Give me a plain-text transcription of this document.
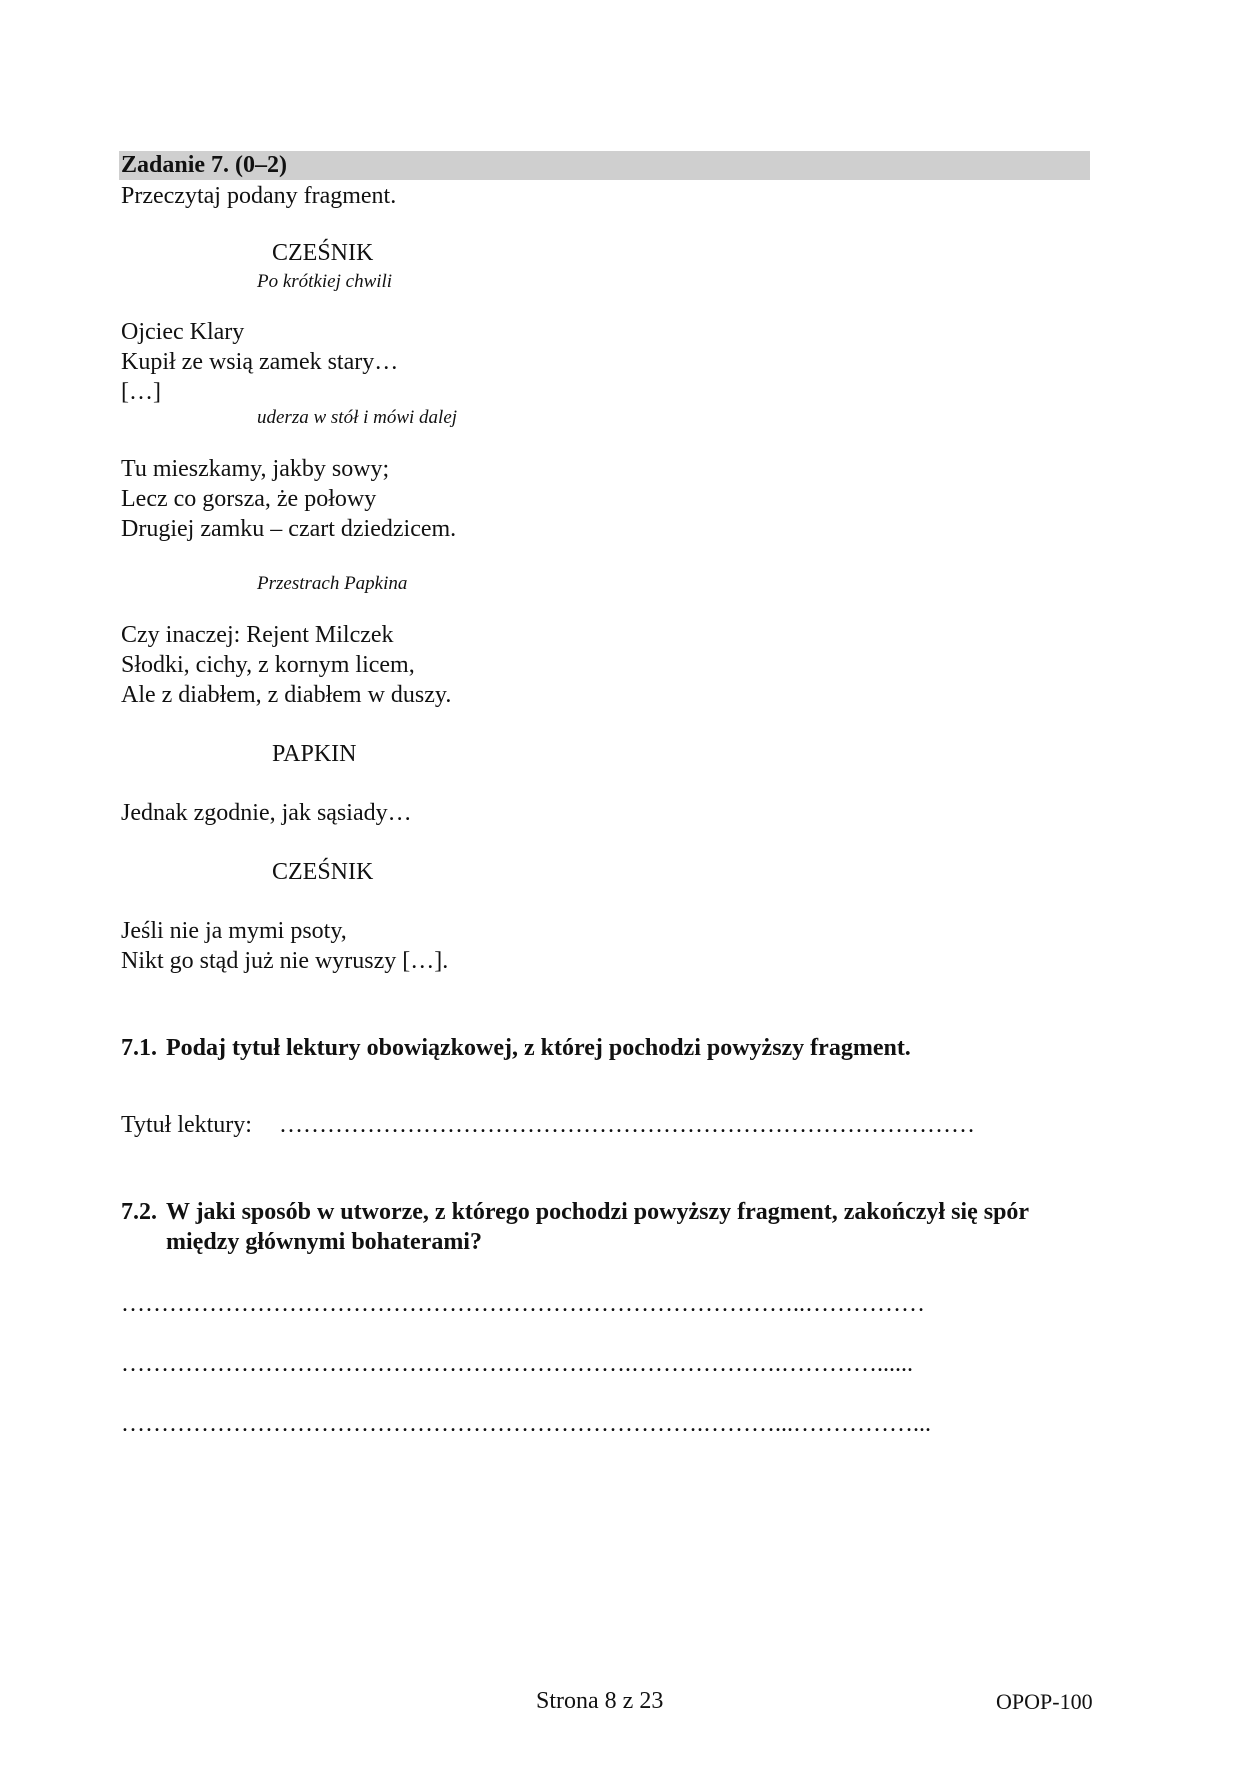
Zadanie 7. (0–2)
Przeczytaj podany fragment.
CZEŚNIK
Po krótkiej chwili
Ojciec Klary
Kupił ze wsią zamek stary…
[…]
uderza w stół i mówi dalej
Tu mieszkamy, jakby sowy;
Lecz co gorsza, że połowy
Drugiej zamku – czart dziedzicem.
Przestrach Papkina
Czy inaczej: Rejent Milczek
Słodki, cichy, z kornym licem,
Ale z diabłem, z diabłem w duszy.
PAPKIN
Jednak zgodnie, jak sąsiady…
CZEŚNIK
Jeśli nie ja mymi psoty,
Nikt go stąd już nie wyruszy […].
7.1. Podaj tytuł lektury obowiązkowej, z której pochodzi powyższy fragment.
Tytuł lektury: ……………………………………………………………………………
7.2. W jaki sposób w utworze, z którego pochodzi powyższy fragment, zakończył się spór
między głównymi bohaterami?
…………………………………………………………………………..……………
……………………………………………………….……………….…………......
……………………………………………………………….………...……………...
Strona 8 z 23	OPOP-100
